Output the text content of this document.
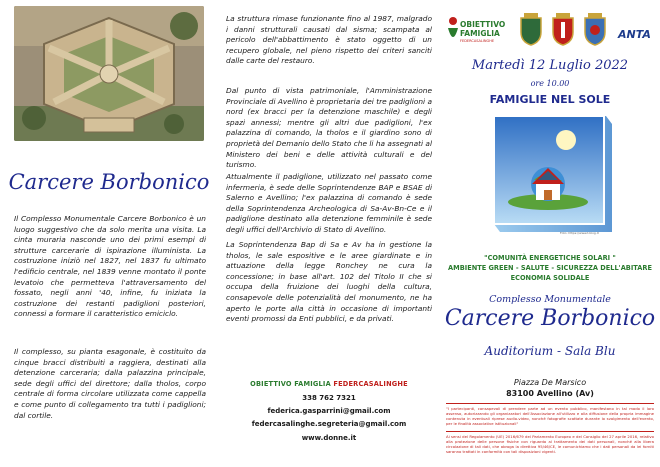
Carcere Borbonico

Il Complesso Monumentale Carcere Borbonico è un luogo suggestivo che da solo merita una visita. La cinta muraria nasconde uno dei primi esempi di strutture carcerarie di ispirazione illuminista. La costruzione iniziò nel 1827, nel 1837 fu ultimato l'edificio centrale, nel 1839 venne montato il ponte levatoio che permetteva l'attraversamento del fossato, negli anni '40, infine, fu iniziata la costruzione dei restanti padiglioni posteriori, connessi a formare il caratteristico emiciclo.

Il complesso, su pianta esagonale, è costituito da cinque bracci distribuiti a raggiera, destinati alla detenzione carceraria; dalla palazzina principale, sede degli uffici del direttore; dalla tholos, corpo centrale di forma circolare utilizzata come cappella e come punto di collegamento tra tutti i padiglioni; dal cortile.

La struttura rimase funzionante fino al 1987, malgrado i danni strutturali causati dal sisma; scampata al pericolo dell'abbattimento è stato oggetto di un recupero globale, nel pieno rispetto dei criteri sanciti dalle carte del restauro.

Dal punto di vista patrimoniale, l'Amministrazione Provinciale di Avellino è proprietaria dei tre padiglioni a nord (ex bracci per la detenzione maschile) e degli spazi annessi; mentre gli altri due padiglioni, l'ex palazzina di comando, la tholos e il giardino sono di proprietà del Demanio dello Stato che li ha assegnati al Ministero dei beni e delle attività culturali e del turismo.

Attualmente il padiglione, utilizzato nel passato come infermeria, è sede delle Soprintendenze BAP e BSAE di Salerno e Avellino; l'ex palazzina di comando è sede della Soprintendenza Archeologica di Sa-Av-Bn-Ce e il padiglione destinato alla detenzione femminile è sede degli uffici dell'Archivio di Stato di Avellino.

La Soprintendenza Bap di Sa e Av ha in gestione la tholos, le sale espositive e le aree giardinate e in attuazione della legge Ronchey ne cura la concessione; in base all'art. 102 del Titolo II che si occupa della fruizione dei luoghi della cultura, consapevole delle potenzialità del monumento, ne ha aperto le porte alla città in occasione di importanti eventi promossi da Enti pubblici, e da privati.

OBIETTIVO FAMIGLIA FEDERCASALINGHE
338 762 7321
federica.gasparrini@gmail.com
federcasalinghe.segreteria@gmail.com
www.donne.it
OBIETTIVO FAMIGLIA
FEDERCASALINGHE	ANTA
Martedì 12 Luglio 2022
ore 10.00
FAMIGLIE NEL SOLE
Foto: https://www.t.blog.it
"COMUNITÀ ENERGETICHE SOLARI "
AMBIENTE GREEN - SALUTE - SICUREZZA DELL'ABITARE
ECONOMIA SOLIDALE
Complesso Monumentale
Carcere Borbonico
Auditorium - Sala Blu
Piazza De Marsico
83100 Avellino (Av)

"I partecipanti, consapevoli di prendere parte ad un evento pubblico, manifestano in tal modo il loro assenso, autorizzando gli organizzatori dell'Associazione all'utilizzo e alla diffusione della propria immagine contenuta in eventuali riprese audio-video, nonché fotografie scattate durante lo svolgimento dell'evento, per le finalità associative istituzionali"

Ai sensi del Regolamento (UE) 2016/679 del Parlamento Europeo e del Consiglio del 27 aprile 2016, relativo alla protezione delle persone fisiche con riguardo al trattamento dei dati personali, nonché alla libera circolazione di tali dati, che abroga la direttiva 95/46/CE, le comunichiamo che i dati personali da lei forniti saranno trattati in conformità con tali disposizioni vigenti.
